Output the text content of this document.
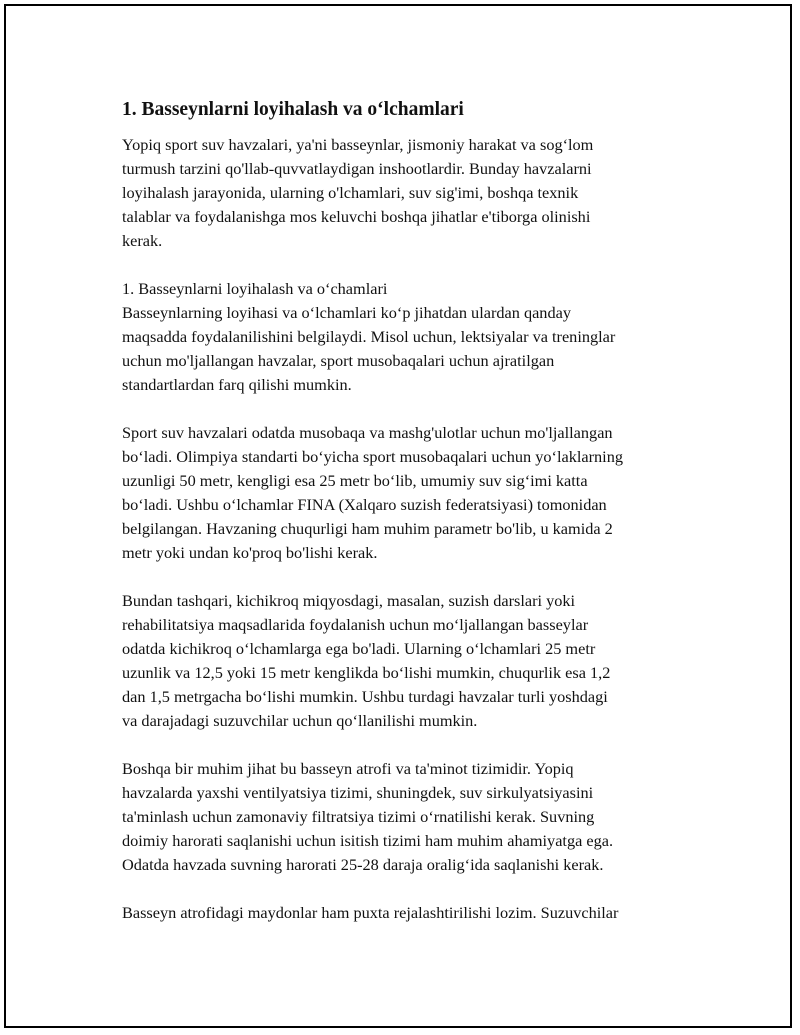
1. Basseynlarni loyihalash va o‘lchamlari
Yopiq sport suv havzalari, ya'ni basseynlar, jismoniy harakat va sog‘lom
turmush tarzini qo'llab-quvvatlaydigan inshootlardir. Bunday havzalarni
loyihalash jarayonida, ularning o'lchamlari, suv sig'imi, boshqa texnik
talablar va foydalanishga mos keluvchi boshqa jihatlar e'tiborga olinishi
kerak.
1. Basseynlarni loyihalash va o‘chamlari
Basseynlarning loyihasi va o‘lchamlari ko‘p jihatdan ulardan qanday
maqsadda foydalanilishini belgilaydi. Misol uchun, lektsiyalar va treninglar
uchun mo'ljallangan havzalar, sport musobaqalari uchun ajratilgan
standartlardan farq qilishi mumkin.
Sport suv havzalari odatda musobaqa va mashg'ulotlar uchun mo'ljallangan
bo‘ladi. Olimpiya standarti bo‘yicha sport musobaqalari uchun yo‘laklarning
uzunligi 50 metr, kengligi esa 25 metr bo‘lib, umumiy suv sig‘imi katta
bo‘ladi. Ushbu o‘lchamlar FINA (Xalqaro suzish federatsiyasi) tomonidan
belgilangan. Havzaning chuqurligi ham muhim parametr bo'lib, u kamida 2
metr yoki undan ko'proq bo'lishi kerak.
Bundan tashqari, kichikroq miqyosdagi, masalan, suzish darslari yoki
rehabilitatsiya maqsadlarida foydalanish uchun mo‘ljallangan basseylar
odatda kichikroq o‘lchamlarga ega bo'ladi. Ularning o‘lchamlari 25 metr
uzunlik va 12,5 yoki 15 metr kenglikda bo‘lishi mumkin, chuqurlik esa 1,2
dan 1,5 metrgacha bo‘lishi mumkin. Ushbu turdagi havzalar turli yoshdagi
va darajadagi suzuvchilar uchun qo‘llanilishi mumkin.
Boshqa bir muhim jihat bu basseyn atrofi va ta'minot tizimidir. Yopiq
havzalarda yaxshi ventilyatsiya tizimi, shuningdek, suv sirkulyatsiyasini
ta'minlash uchun zamonaviy filtratsiya tizimi o‘rnatilishi kerak. Suvning
doimiy harorati saqlanishi uchun isitish tizimi ham muhim ahamiyatga ega.
Odatda havzada suvning harorati 25-28 daraja oralig‘ida saqlanishi kerak.
Basseyn atrofidagi maydonlar ham puxta rejalashtirilishi lozim. Suzuvchilar
